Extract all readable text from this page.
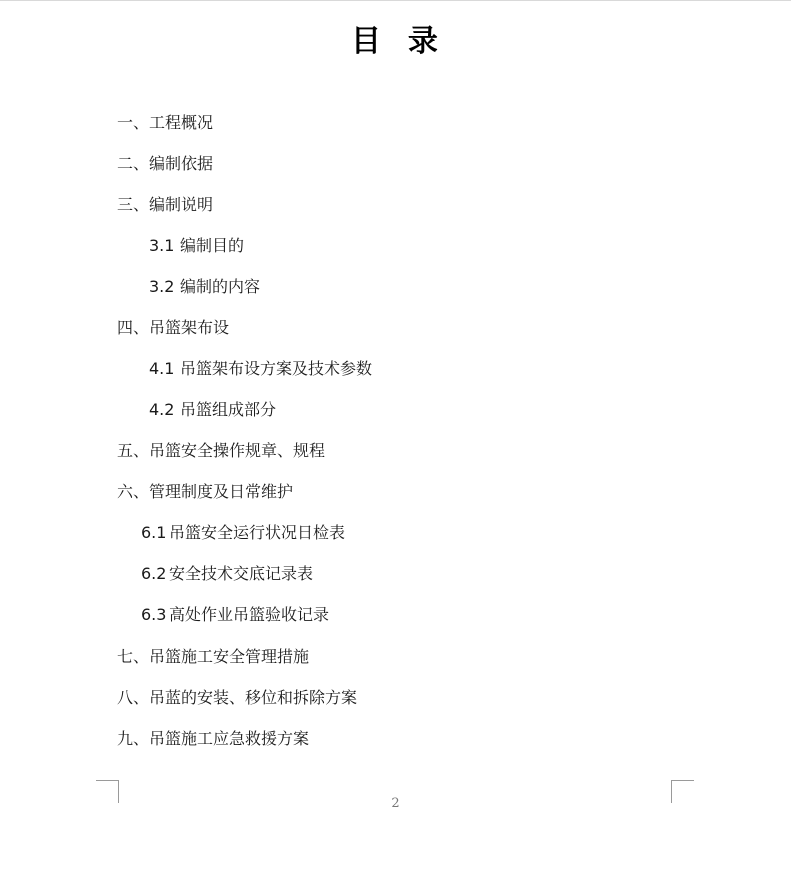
目  录
一、工程概况
二、编制依据
三、编制说明
3.1 编制目的
3.2 编制的内容
四、吊篮架布设
4.1 吊篮架布设方案及技术参数
4.2 吊篮组成部分
五、吊篮安全操作规章、规程
六、管理制度及日常维护
6.1 吊篮安全运行状况日检表
6.2 安全技术交底记录表
6.3 高处作业吊篮验收记录
七、吊篮施工安全管理措施
八、吊蓝的安装、移位和拆除方案
九、吊篮施工应急救援方案
2
